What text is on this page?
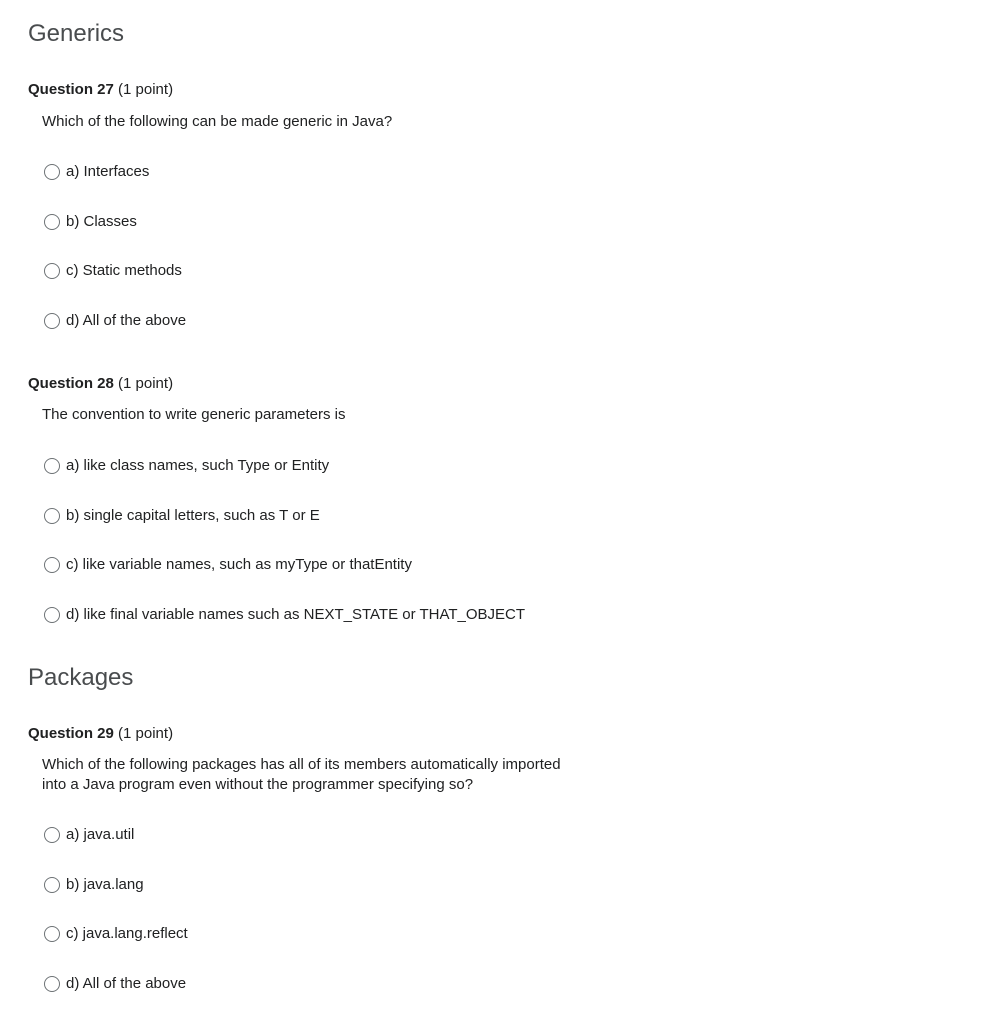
Generics
Question 27 (1 point)
Which of the following can be made generic in Java?
a) Interfaces
b) Classes
c) Static methods
d) All of the above
Question 28 (1 point)
The convention to write generic parameters is
a) like class names, such Type or Entity
b) single capital letters, such as T or E
c) like variable names, such as myType or thatEntity
d) like final variable names such as NEXT_STATE or THAT_OBJECT
Packages
Question 29 (1 point)
Which of the following packages has all of its members automatically imported
into a Java program even without the programmer specifying so?
a) java.util
b) java.lang
c) java.lang.reflect
d) All of the above
